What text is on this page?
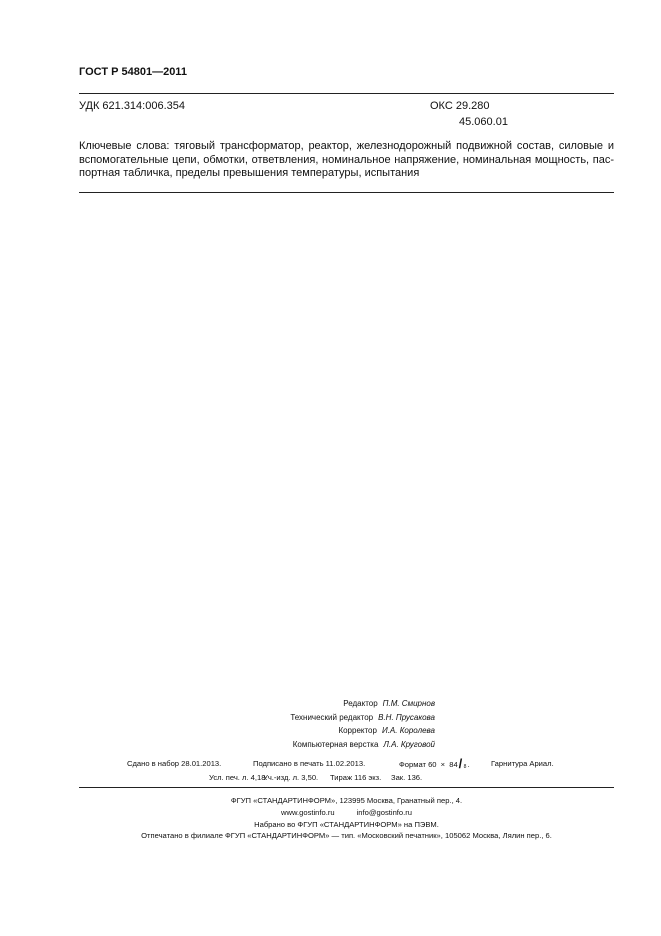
ГОСТ Р 54801—2011
УДК 621.314:006.354	ОКС 29.280
45.060.01
Ключевые слова: тяговый трансформатор, реактор, железнодорожный подвижной состав, силовые и
вспомогательные цепи, обмотки, ответвления, номинальное напряжение, номинальная мощность, пас-
портная табличка, пределы превышения температуры, испытания
Редактор П.М. Смирнов
Технический редактор В.Н. Прусакова
Корректор И.А. Королева
Компьютерная верстка Л.А. Круговой
Сдано в набор 28.01.2013.	Подписано в печать 11.02.2013.	Формат 60 × 84 / 8 .	Гарнитура Ариал.
Усл. печ. л. 4,18.
Уч.-изд. л. 3,50. Тираж 116 экз. Зак. 136.
ФГУП «СТАНДАРТИНФОРМ», 123995 Москва, Гранатный пер., 4.
www.gostinfo.ru	info@gostinfo.ru
Набрано во ФГУП «СТАНДАРТИНФОРМ» на ПЭВМ.
Отпечатано в филиале ФГУП «СТАНДАРТИНФОРМ» — тип. «Московский печатник», 105062 Москва, Лялин пер., 6.
